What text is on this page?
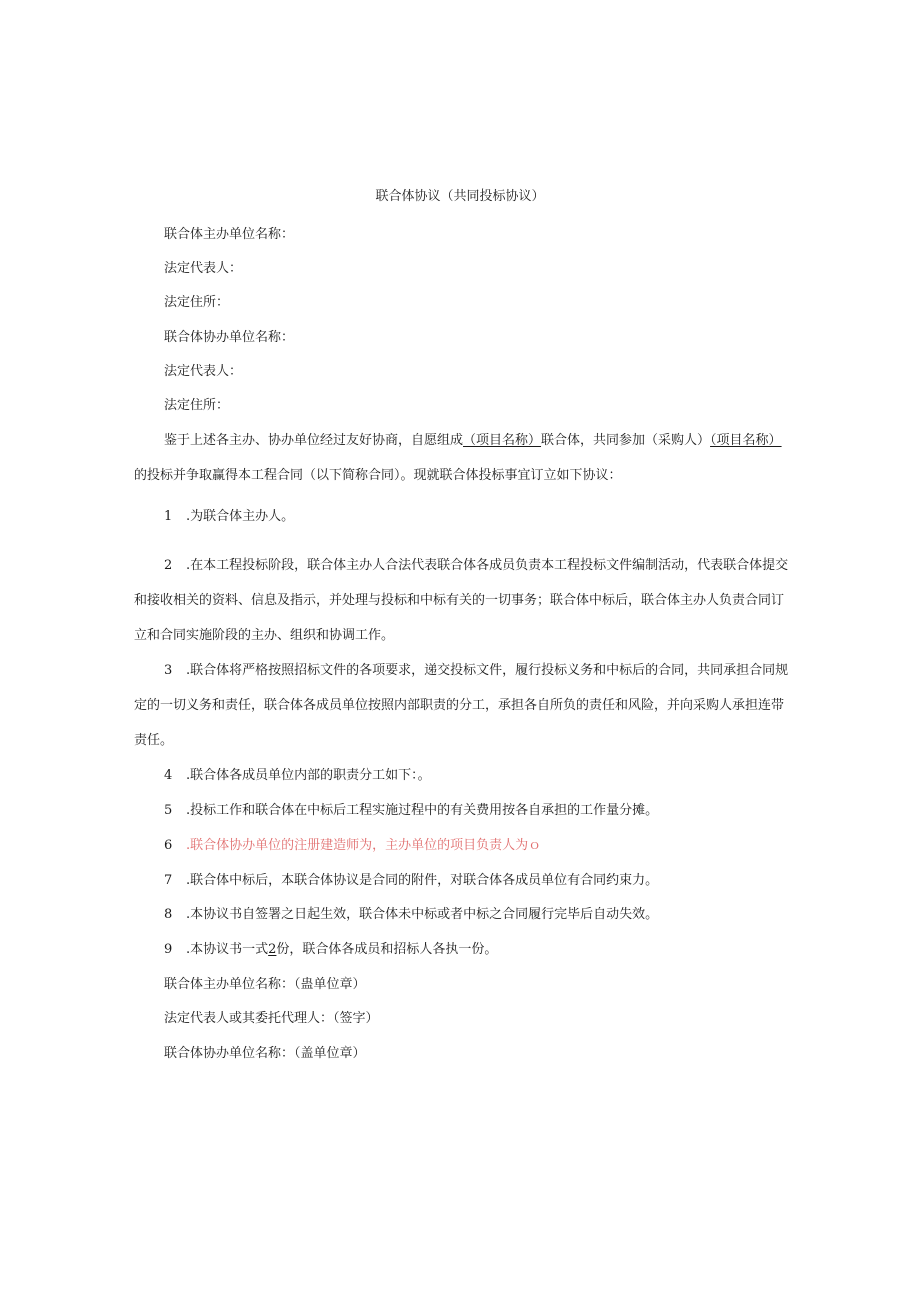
联合体协议（共同投标协议）
联合体主办单位名称：
法定代表人：
法定住所：
联合体协办单位名称：
法定代表人：
法定住所：
鉴于上述各主办、协办单位经过友好协商，自愿组成（项目名称）联合体，共同参加（采购人）（项目名称）
的投标并争取赢得本工程合同（以下简称合同）。现就联合体投标事宜订立如下协议：
1 .为联合体主办人。
2 .在本工程投标阶段，联合体主办人合法代表联合体各成员负责本工程投标文件编制活动，代表联合体提交
和接收相关的资料、信息及指示，并处理与投标和中标有关的一切事务；联合体中标后，联合体主办人负责合同订
立和合同实施阶段的主办、组织和协调工作。
3 .联合体将严格按照招标文件的各项要求，递交投标文件，履行投标义务和中标后的合同，共同承担合同规
定的一切义务和责任，联合体各成员单位按照内部职责的分工，承担各自所负的责任和风险，并向采购人承担连带
责任。
4 .联合体各成员单位内部的职责分工如下：。
5 .投标工作和联合体在中标后工程实施过程中的有关费用按各自承担的工作量分摊。
6 .联合体协办单位的注册建造师为，主办单位的项目负责人为ｏ
7 .联合体中标后，本联合体协议是合同的附件，对联合体各成员单位有合同约束力。
8 .本协议书自签署之日起生效，联合体未中标或者中标之合同履行完毕后自动失效。
9 .本协议书一式2份，联合体各成员和招标人各执一份。
联合体主办单位名称：（蛊单位章）
法定代表人或其委托代理人：（签字）
联合体协办单位名称：（盖单位章）
